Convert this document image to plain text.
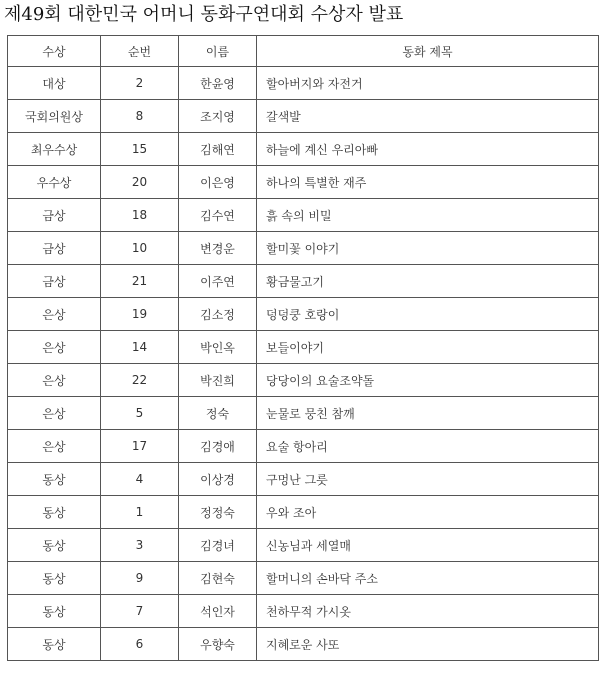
제49회 대한민국 어머니 동화구연대회 수상자 발표
수상	순번	이름	동화 제목
대상	2	한윤영	할아버지와 자전거
국회의원상	8	조지영	갈색발
최우수상	15	김해연	하늘에 계신 우리아빠
우수상	20	이은영	하나의 특별한 재주
금상	18	김수연	흙 속의 비밀
금상	10	변경운	할미꽃 이야기
금상	21	이주연	황금물고기
은상	19	김소정	덩덩쿵 호랑이
은상	14	박인옥	보들이야기
은상	22	박진희	당당이의 요술조약돌
은상	5	정숙	눈물로 뭉친 참깨
은상	17	김경애	요술 항아리
동상	4	이상경	구멍난 그릇
동상	1	정정숙	우와 조아
동상	3	김경녀	신농님과 세열매
동상	9	김현숙	할머니의 손바닥 주소
동상	7	석인자	천하무적 가시옷
동상	6	우향숙	지혜로운 사또
